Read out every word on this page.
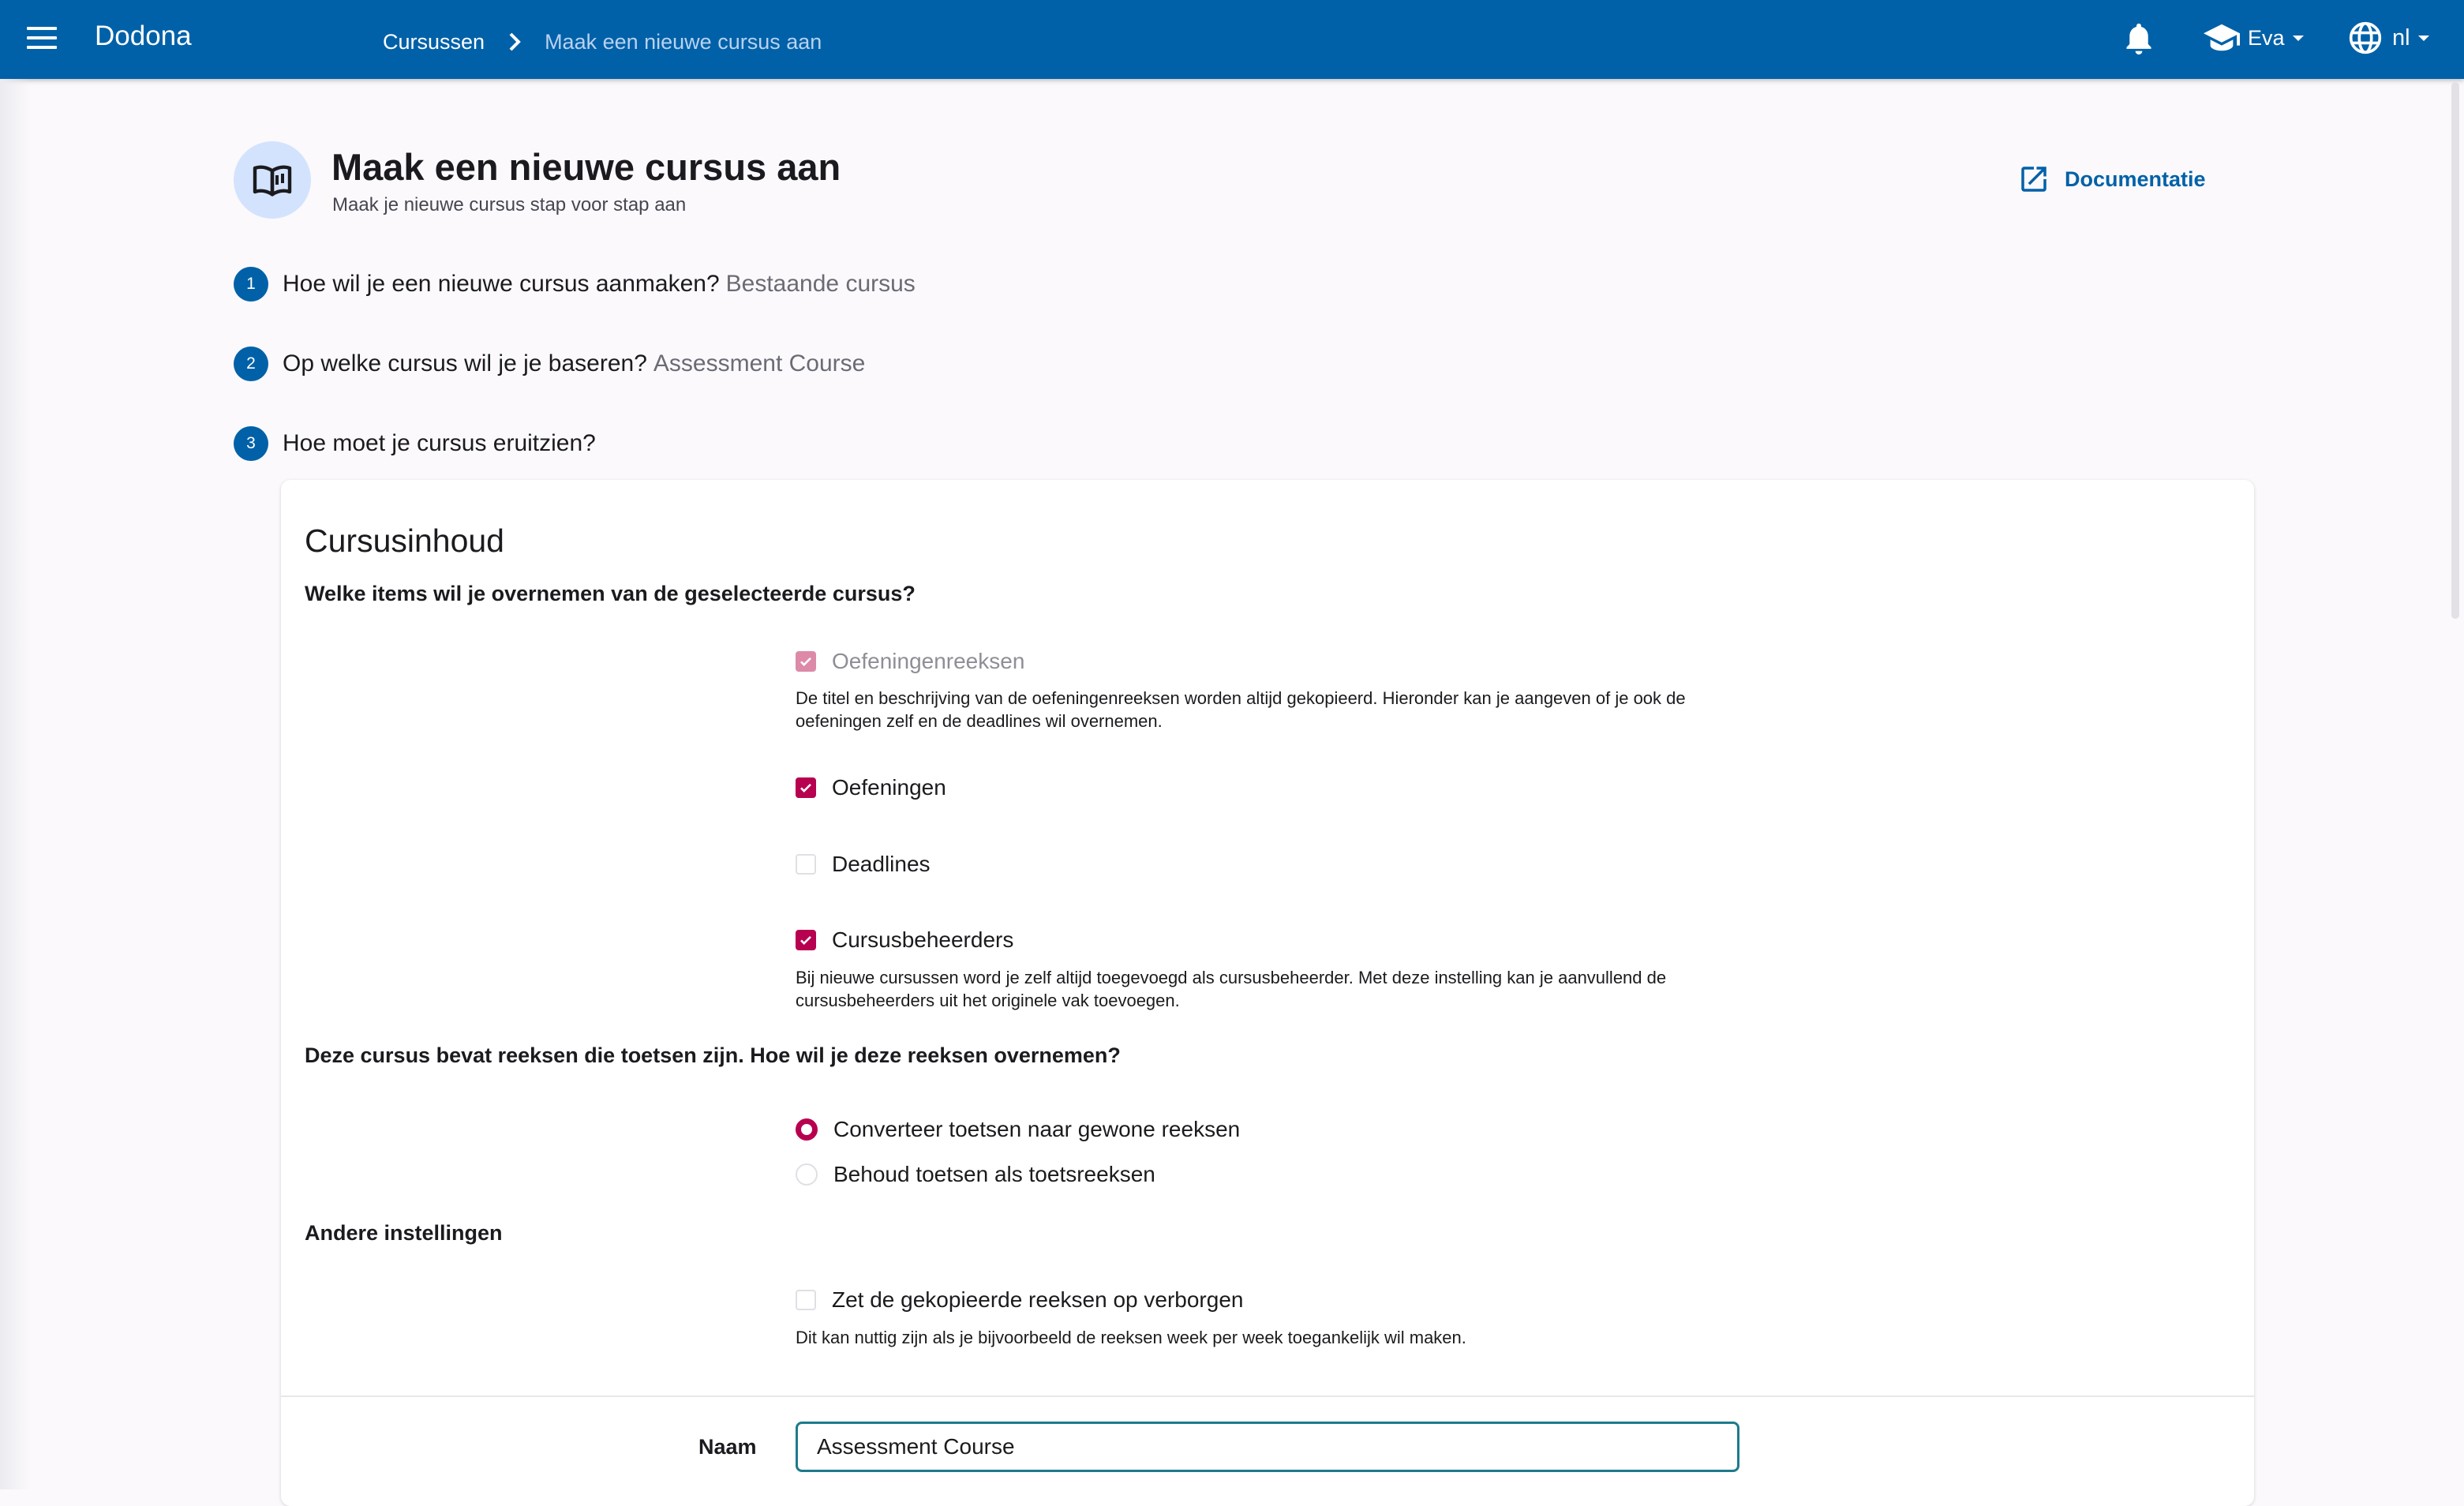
Dodona	Cursussen	Maak een nieuwe cursus aan	Eva	nl
Maak een nieuwe cursus aan
Maak je nieuwe cursus stap voor stap aan
Documentatie
1	Hoe wil je een nieuwe cursus aanmaken? Bestaande cursus
2	Op welke cursus wil je je baseren? Assessment Course
3	Hoe moet je cursus eruitzien?
Cursusinhoud
Welke items wil je overnemen van de geselecteerde cursus?
Oefeningenreeksen
De titel en beschrijving van de oefeningenreeksen worden altijd gekopieerd. Hieronder kan je aangeven of je ook de oefeningen zelf en de deadlines wil overnemen.
Oefeningen
Deadlines
Cursusbeheerders
Bij nieuwe cursussen word je zelf altijd toegevoegd als cursusbeheerder. Met deze instelling kan je aanvullend de cursusbeheerders uit het originele vak toevoegen.
Deze cursus bevat reeksen die toetsen zijn. Hoe wil je deze reeksen overnemen?
Converteer toetsen naar gewone reeksen
Behoud toetsen als toetsreeksen
Andere instellingen
Zet de gekopieerde reeksen op verborgen
Dit kan nuttig zijn als je bijvoorbeeld de reeksen week per week toegankelijk wil maken.
Naam	Assessment Course
